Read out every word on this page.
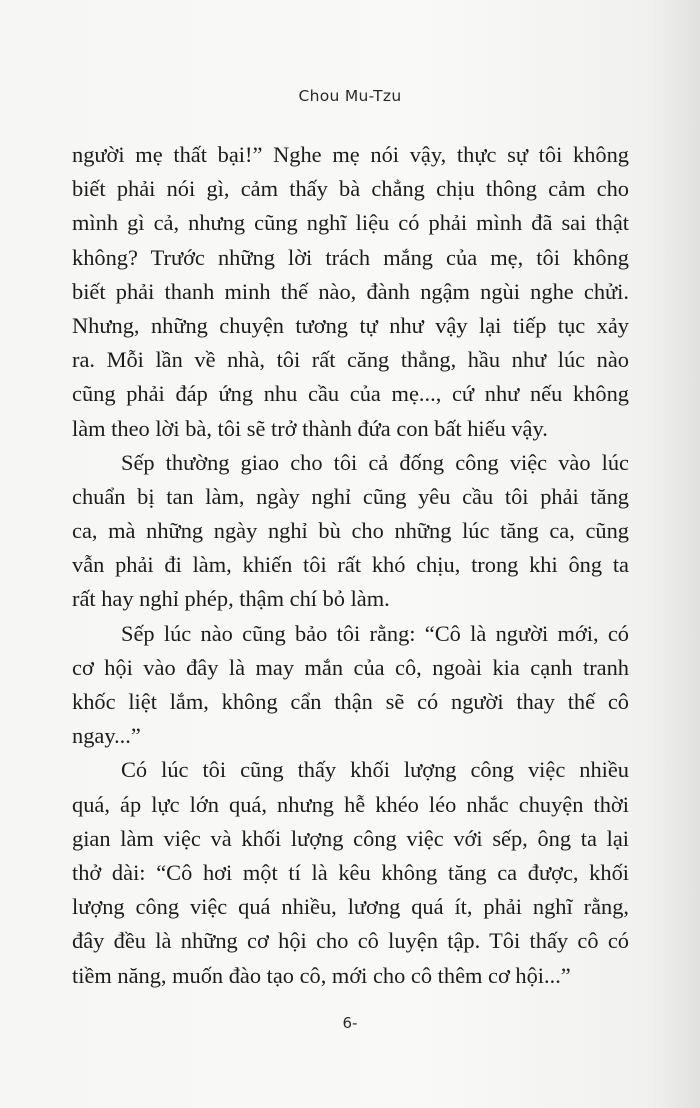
Chou Mu-Tzu
người mẹ thất bại!” Nghe mẹ nói vậy, thực sự tôi không
biết phải nói gì, cảm thấy bà chẳng chịu thông cảm cho
mình gì cả, nhưng cũng nghĩ liệu có phải mình đã sai thật
không? Trước những lời trách mắng của mẹ, tôi không
biết phải thanh minh thế nào, đành ngậm ngùi nghe chửi.
Nhưng, những chuyện tương tự như vậy lại tiếp tục xảy
ra. Mỗi lần về nhà, tôi rất căng thẳng, hầu như lúc nào
cũng phải đáp ứng nhu cầu của mẹ..., cứ như nếu không
làm theo lời bà, tôi sẽ trở thành đứa con bất hiếu vậy.
Sếp thường giao cho tôi cả đống công việc vào lúc
chuẩn bị tan làm, ngày nghỉ cũng yêu cầu tôi phải tăng
ca, mà những ngày nghỉ bù cho những lúc tăng ca, cũng
vẫn phải đi làm, khiến tôi rất khó chịu, trong khi ông ta
rất hay nghỉ phép, thậm chí bỏ làm.
Sếp lúc nào cũng bảo tôi rằng: “Cô là người mới, có
cơ hội vào đây là may mắn của cô, ngoài kia cạnh tranh
khốc liệt lắm, không cẩn thận sẽ có người thay thế cô
ngay...”
Có lúc tôi cũng thấy khối lượng công việc nhiều
quá, áp lực lớn quá, nhưng hễ khéo léo nhắc chuyện thời
gian làm việc và khối lượng công việc với sếp, ông ta lại
thở dài: “Cô hơi một tí là kêu không tăng ca được, khối
lượng công việc quá nhiều, lương quá ít, phải nghĩ rằng,
đây đều là những cơ hội cho cô luyện tập. Tôi thấy cô có
tiềm năng, muốn đào tạo cô, mới cho cô thêm cơ hội...”
6-
